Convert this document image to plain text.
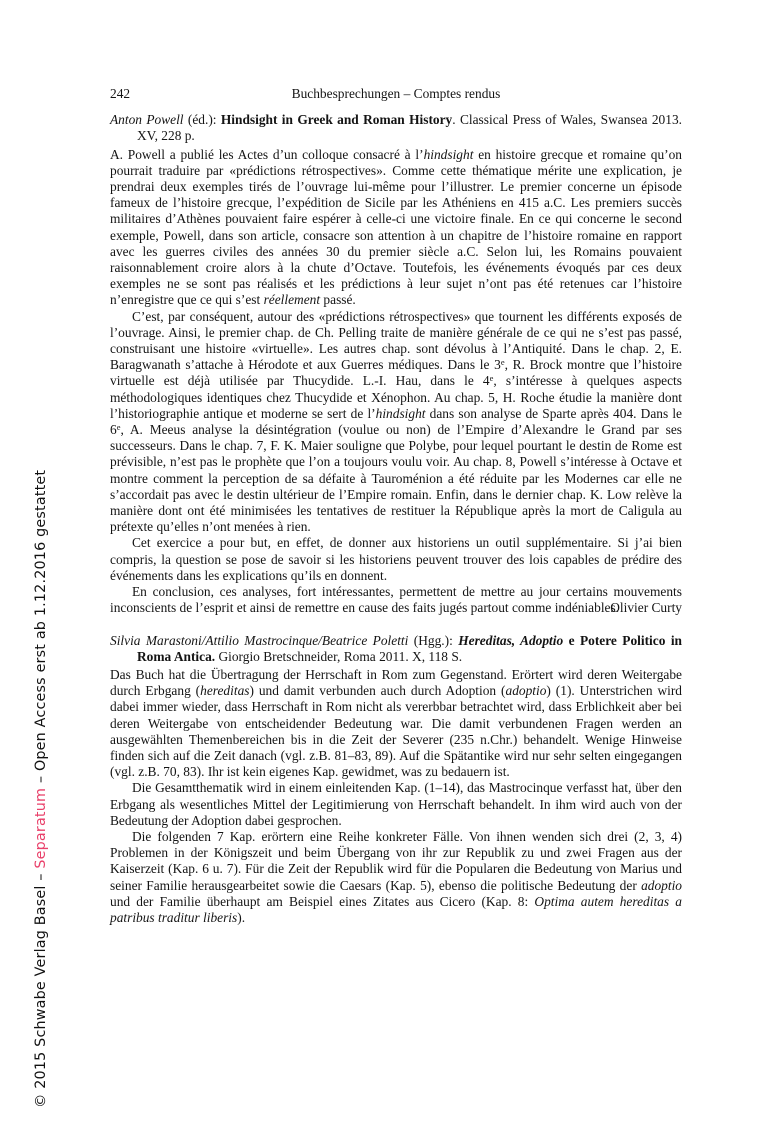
© 2015 Schwabe Verlag Basel – Separatum – Open Access erst ab 1.12.2016 gestattet
242	Buchbesprechungen – Comptes rendus
Anton Powell (éd.): Hindsight in Greek and Roman History. Classical Press of Wales, Swansea 2013. XV, 228 p.
A. Powell a publié les Actes d’un colloque consacré à l’hindsight en histoire grecque et romaine qu’on pourrait traduire par «prédictions rétrospectives». Comme cette thématique mérite une explication, je prendrai deux exemples tirés de l’ouvrage lui-même pour l’illustrer. Le premier concerne un épisode fameux de l’histoire grecque, l’expédition de Sicile par les Athéniens en 415 a.C. Les premiers succès militaires d’Athènes pouvaient faire espérer à celle-ci une victoire finale. En ce qui concerne le second exemple, Powell, dans son article, consacre son attention à un chapitre de l’histoire romaine en rapport avec les guerres civiles des années 30 du premier siècle a.C. Selon lui, les Romains pouvaient raisonnablement croire alors à la chute d’Octave. Toutefois, les événements évoqués par ces deux exemples ne se sont pas réalisés et les prédictions à leur sujet n’ont pas été retenues car l’histoire n’enregistre que ce qui s’est réellement passé.
C’est, par conséquent, autour des «prédictions rétrospectives» que tournent les différents exposés de l’ouvrage. Ainsi, le premier chap. de Ch. Pelling traite de manière générale de ce qui ne s’est pas passé, construisant une histoire «virtuelle». Les autres chap. sont dévolus à l’Antiquité. Dans le chap. 2, E. Baragwanath s’attache à Hérodote et aux Guerres médiques. Dans le 3e, R. Brock montre que l’histoire virtuelle est déjà utilisée par Thucydide. L.-I. Hau, dans le 4e, s’intéresse à quelques aspects méthodologiques identiques chez Thucydide et Xénophon. Au chap. 5, H. Roche étudie la manière dont l’historiographie antique et moderne se sert de l’hindsight dans son analyse de Sparte après 404. Dans le 6e, A. Meeus analyse la désintégration (voulue ou non) de l’Empire d’Alexandre le Grand par ses successeurs. Dans le chap. 7, F. K. Maier souligne que Polybe, pour lequel pourtant le destin de Rome est prévisible, n’est pas le prophète que l’on a toujours voulu voir. Au chap. 8, Powell s’intéresse à Octave et montre comment la perception de sa défaite à Tauroménion a été réduite par les Modernes car elle ne s’accordait pas avec le destin ultérieur de l’Empire romain. Enfin, dans le dernier chap. K. Low relève la manière dont ont été minimisées les tentatives de restituer la République après la mort de Caligula au prétexte qu’elles n’ont menées à rien.
Cet exercice a pour but, en effet, de donner aux historiens un outil supplémentaire. Si j’ai bien compris, la question se pose de savoir si les historiens peuvent trouver des lois capables de prédire des événements dans les explications qu’ils en donnent.
En conclusion, ces analyses, fort intéressantes, permettent de mettre au jour certains mouvements inconscients de l’esprit et ainsi de remettre en cause des faits jugés partout comme indéniables.
Olivier Curty
Silvia Marastoni/Attilio Mastrocinque/Beatrice Poletti (Hgg.): Hereditas, Adoptio e Potere Politico in Roma Antica. Giorgio Bretschneider, Roma 2011. X, 118 S.
Das Buch hat die Übertragung der Herrschaft in Rom zum Gegenstand. Erörtert wird deren Weitergabe durch Erbgang (hereditas) und damit verbunden auch durch Adoption (adoptio) (1). Unterstrichen wird dabei immer wieder, dass Herrschaft in Rom nicht als vererbbar betrachtet wird, dass Erblichkeit aber bei deren Weitergabe von entscheidender Bedeutung war. Die damit verbundenen Fragen werden an ausgewählten Themenbereichen bis in die Zeit der Severer (235 n.Chr.) behandelt. Wenige Hinweise finden sich auf die Zeit danach (vgl. z.B. 81–83, 89). Auf die Spätantike wird nur sehr selten eingegangen (vgl. z.B. 70, 83). Ihr ist kein eigenes Kap. gewidmet, was zu bedauern ist.
Die Gesamtthematik wird in einem einleitenden Kap. (1–14), das Mastrocinque verfasst hat, über den Erbgang als wesentliches Mittel der Legitimierung von Herrschaft behandelt. In ihm wird auch von der Bedeutung der Adoption dabei gesprochen.
Die folgenden 7 Kap. erörtern eine Reihe konkreter Fälle. Von ihnen wenden sich drei (2, 3, 4) Problemen in der Königszeit und beim Übergang von ihr zur Republik zu und zwei Fragen aus der Kaiserzeit (Kap. 6 u. 7). Für die Zeit der Republik wird für die Popularen die Bedeutung von Marius und seiner Familie herausgearbeitet sowie die Caesars (Kap. 5), ebenso die politische Bedeutung der adoptio und der Familie überhaupt am Beispiel eines Zitates aus Cicero (Kap. 8: Optima autem hereditas a patribus traditur liberis).
